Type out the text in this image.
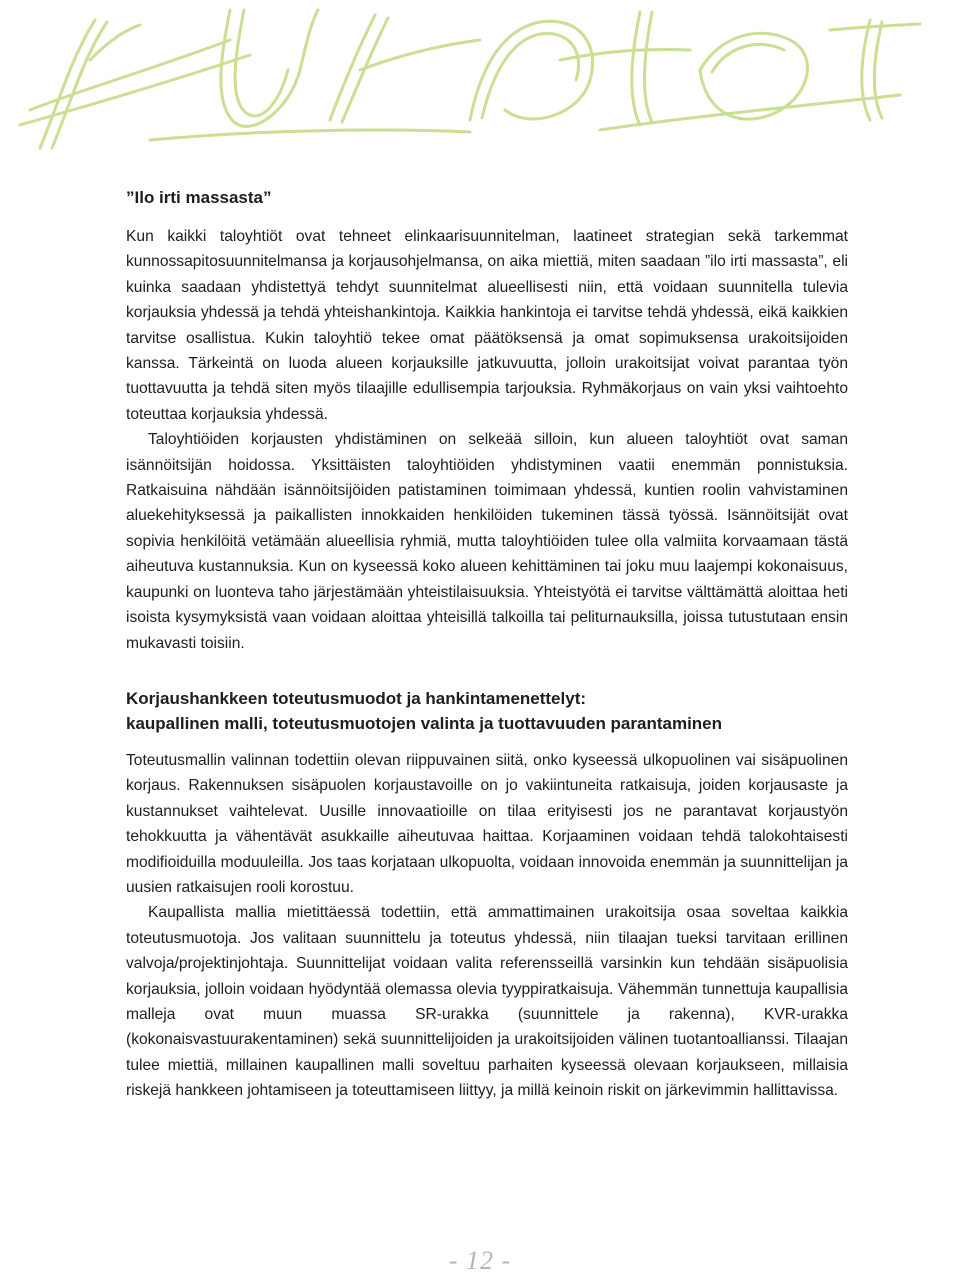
”Ilo irti massasta”

Kun kaikki taloyhtiöt ovat tehneet elinkaarisuunnitelman, laatineet strategian sekä tarkemmat kunnossapitosuunnitelmansa ja korjausohjelmansa, on aika miettiä, miten saadaan ”ilo irti massasta”, eli kuinka saadaan yhdistettyä tehdyt suunnitelmat alueellisesti niin, että voidaan suunnitella tulevia korjauksia yhdessä ja tehdä yhteishankintoja. Kaikkia hankintoja ei tarvitse tehdä yhdessä, eikä kaikkien tarvitse osallistua. Kukin taloyhtiö tekee omat päätöksensä ja omat sopimuksensa urakoitsijoiden kanssa. Tärkeintä on luoda alueen korjauksille jatkuvuutta, jolloin urakoitsijat voivat parantaa työn tuottavuutta ja tehdä siten myös tilaajille edullisempia tarjouksia. Ryhmäkorjaus on vain yksi vaihtoehto toteuttaa korjauksia yhdessä.

Taloyhtiöiden korjausten yhdistäminen on selkeää silloin, kun alueen taloyhtiöt ovat saman isännöitsijän hoidossa. Yksittäisten taloyhtiöiden yhdistyminen vaatii enemmän ponnistuksia. Ratkaisuina nähdään isännöitsijöiden patistaminen toimimaan yhdessä, kuntien roolin vahvistaminen aluekehityksessä ja paikallisten innokkaiden henkilöiden tukeminen tässä työssä. Isännöitsijät ovat sopivia henkilöitä vetämään alueellisia ryhmiä, mutta taloyhtiöiden tulee olla valmiita korvaamaan tästä aiheutuva kustannuksia. Kun on kyseessä koko alueen kehittäminen tai joku muu laajempi kokonaisuus, kaupunki on luonteva taho järjestämään yhteistilaisuuksia. Yhteistyötä ei tarvitse välttämättä aloittaa heti isoista kysymyksistä vaan voidaan aloittaa yhteisillä talkoilla tai peliturnauksilla, joissa tutustutaan ensin mukavasti toisiin.

Korjaushankkeen toteutusmuodot ja hankintamenettelyt:
kaupallinen malli, toteutusmuotojen valinta ja tuottavuuden parantaminen

Toteutusmallin valinnan todettiin olevan riippuvainen siitä, onko kyseessä ulkopuolinen vai sisäpuolinen korjaus. Rakennuksen sisäpuolen korjaustavoille on jo vakiintuneita ratkaisuja, joiden korjausaste ja kustannukset vaihtelevat. Uusille innovaatioille on tilaa erityisesti jos ne parantavat korjaustyön tehokkuutta ja vähentävät asukkaille aiheutuvaa haittaa. Korjaaminen voidaan tehdä talokohtaisesti modifioiduilla moduuleilla. Jos taas korjataan ulkopuolta, voidaan innovoida enemmän ja suunnittelijan ja uusien ratkaisujen rooli korostuu.

Kaupallista mallia mietittäessä todettiin, että ammattimainen urakoitsija osaa soveltaa kaikkia toteutusmuotoja. Jos valitaan suunnittelu ja toteutus yhdessä, niin tilaajan tueksi tarvitaan erillinen valvoja/projektinjohtaja. Suunnittelijat voidaan valita referensseillä varsinkin kun tehdään sisäpuolisia korjauksia, jolloin voidaan hyödyntää olemassa olevia tyyppiratkaisuja. Vähemmän tunnettuja kaupallisia malleja ovat muun muassa SR-urakka (suunnittele ja rakenna), KVR-urakka (kokonaisvastuurakentaminen) sekä suunnittelijoiden ja urakoitsijoiden välinen tuotantoallianssi. Tilaajan tulee miettiä, millainen kaupallinen malli soveltuu parhaiten kyseessä olevaan korjaukseen, millaisia riskejä hankkeen johtamiseen ja toteuttamiseen liittyy, ja millä keinoin riskit on järkevimmin hallittavissa.

- 12 -
